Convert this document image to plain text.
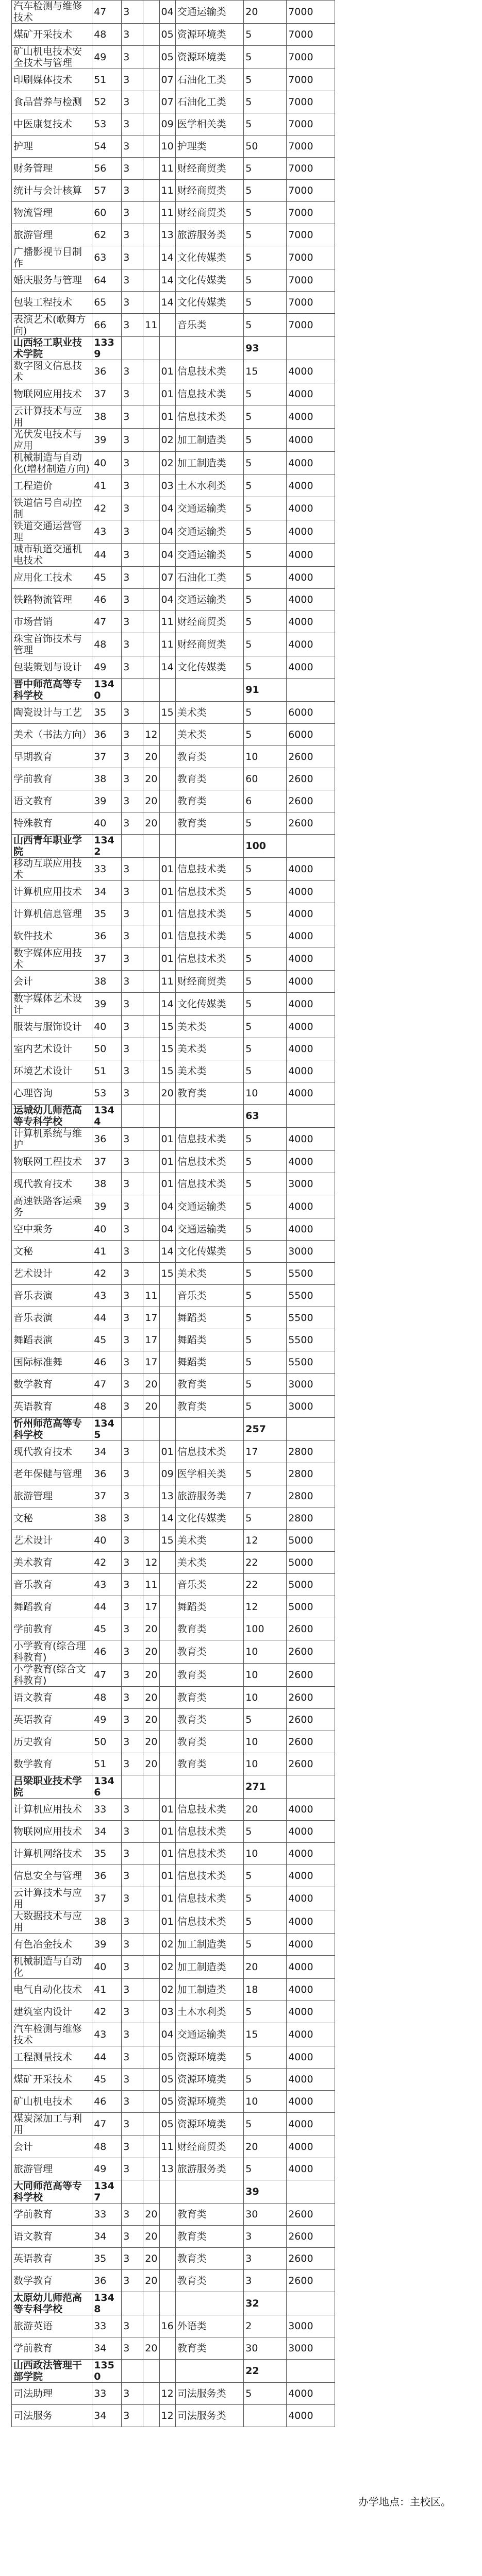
汽车检测与维修技术	47	3		04	交通运输类	20	7000
煤矿开采技术	48	3		05	资源环境类	5	7000
矿山机电技术安全技术与管理	49	3		05	资源环境类	5	7000
印刷媒体技术	51	3		07	石油化工类	5	7000
食品营养与检测	52	3		07	石油化工类	5	7000
中医康复技术	53	3		09	医学相关类	5	7000
护理	54	3		10	护理类	50	7000
财务管理	56	3		11	财经商贸类	5	7000
统计与会计核算	57	3		11	财经商贸类	5	7000
物流管理	60	3		11	财经商贸类	5	7000
旅游管理	62	3		13	旅游服务类	5	7000
广播影视节目制作	63	3		14	文化传媒类	5	7000
婚庆服务与管理	64	3		14	文化传媒类	5	7000
包装工程技术	65	3		14	文化传媒类	5	7000
表演艺术(歌舞方向)	66	3	11		音乐类	5	7000
山西轻工职业技术学院	1339					93	
数字图文信息技术	36	3		01	信息技术类	15	4000
物联网应用技术	37	3		01	信息技术类	5	4000
云计算技术与应用	38	3		01	信息技术类	5	4000
光伏发电技术与应用	39	3		02	加工制造类	5	4000
机械制造与自动化(增材制造方向)	40	3		02	加工制造类	5	4000
工程造价	41	3		03	土木水利类	5	4000
铁道信号自动控制	42	3		04	交通运输类	5	4000
铁道交通运营管理	43	3		04	交通运输类	5	4000
城市轨道交通机电技术	44	3		04	交通运输类	5	4000
应用化工技术	45	3		07	石油化工类	5	4000
铁路物流管理	46	3		04	交通运输类	5	4000
市场营销	47	3		11	财经商贸类	5	4000
珠宝首饰技术与管理	48	3		11	财经商贸类	5	4000
包装策划与设计	49	3		14	文化传媒类	5	4000
晋中师范高等专科学校	1340					91	
陶瓷设计与工艺	35	3		15	美术类	5	6000
美术（书法方向）	36	3	12		美术类	5	6000
早期教育	37	3	20		教育类	10	2600
学前教育	38	3	20		教育类	60	2600
语文教育	39	3	20		教育类	6	2600
特殊教育	40	3	20		教育类	5	2600
山西青年职业学院	1342					100	
移动互联应用技术	33	3		01	信息技术类	5	4000
计算机应用技术	34	3		01	信息技术类	5	4000
计算机信息管理	35	3		01	信息技术类	5	4000
软件技术	36	3		01	信息技术类	5	4000
数字媒体应用技术	37	3		01	信息技术类	5	4000
会计	38	3		11	财经商贸类	5	4000
数字媒体艺术设计	39	3		14	文化传媒类	5	4000
服装与服饰设计	40	3		15	美术类	5	4000
室内艺术设计	50	3		15	美术类	5	4000
环境艺术设计	51	3		15	美术类	5	4000
心理咨询	53	3		20	教育类	10	4000
运城幼儿师范高等专科学校	1344					63	
计算机系统与维护	36	3		01	信息技术类	5	4000
物联网工程技术	37	3		01	信息技术类	5	4000
现代教育技术	38	3		01	信息技术类	5	3000
高速铁路客运乘务	39	3		04	交通运输类	5	4000
空中乘务	40	3		04	交通运输类	5	4000
文秘	41	3		14	文化传媒类	5	3000
艺术设计	42	3		15	美术类	5	5500
音乐表演	43	3	11		音乐类	5	5500
音乐表演	44	3	17		舞蹈类	5	5500
舞蹈表演	45	3	17		舞蹈类	5	5500
国际标准舞	46	3	17		舞蹈类	5	5500
数学教育	47	3	20		教育类	5	3000
英语教育	48	3	20		教育类	5	3000
忻州师范高等专科学校	1345					257	
现代教育技术	34	3		01	信息技术类	17	2800
老年保健与管理	36	3		09	医学相关类	5	2800
旅游管理	37	3		13	旅游服务类	7	2800
文秘	38	3		14	文化传媒类	5	2800
艺术设计	40	3		15	美术类	12	5000
美术教育	42	3	12		美术类	22	5000
音乐教育	43	3	11		音乐类	22	5000
舞蹈教育	44	3	17		舞蹈类	12	5000
学前教育	45	3	20		教育类	100	2600
小学教育(综合理科教育)	46	3	20		教育类	10	2600
小学教育(综合文科教育)	47	3	20		教育类	10	2600
语文教育	48	3	20		教育类	10	2600
英语教育	49	3	20		教育类	5	2600
历史教育	50	3	20		教育类	10	2600
数学教育	51	3	20		教育类	10	2600
吕梁职业技术学院	1346					271	
计算机应用技术	33	3		01	信息技术类	20	4000
物联网应用技术	34	3		01	信息技术类	5	4000
计算机网络技术	35	3		01	信息技术类	10	4000
信息安全与管理	36	3		01	信息技术类	5	4000
云计算技术与应用	37	3		01	信息技术类	5	4000
大数据技术与应用	38	3		01	信息技术类	5	4000
有色冶金技术	39	3		02	加工制造类	5	4000
机械制造与自动化	40	3		02	加工制造类	20	4000
电气自动化技术	41	3		02	加工制造类	18	4000
建筑室内设计	42	3		03	土木水利类	5	4000
汽车检测与维修技术	43	3		04	交通运输类	15	4000
工程测量技术	44	3		05	资源环境类	5	4000
煤矿开采技术	45	3		05	资源环境类	5	4000
矿山机电技术	46	3		05	资源环境类	10	4000
煤炭深加工与利用	47	3		05	资源环境类	5	4000
会计	48	3		11	财经商贸类	20	4000
旅游管理	49	3		13	旅游服务类	5	4000
大同师范高等专科学校	1347					39	
学前教育	33	3	20		教育类	30	2600
语文教育	34	3	20		教育类	3	2600
英语教育	35	3	20		教育类	3	2600
数学教育	36	3	20		教育类	3	2600
太原幼儿师范高等专科学校	1348					32	
旅游英语	33	3		16	外语类	2	3000
学前教育	34	3	20		教育类	30	3000
山西政法管理干部学院	1350					22	
司法助理	33	3		12	司法服务类	5	4000
司法服务	34	3		12	司法服务类		4000
办学地点：主校区。
